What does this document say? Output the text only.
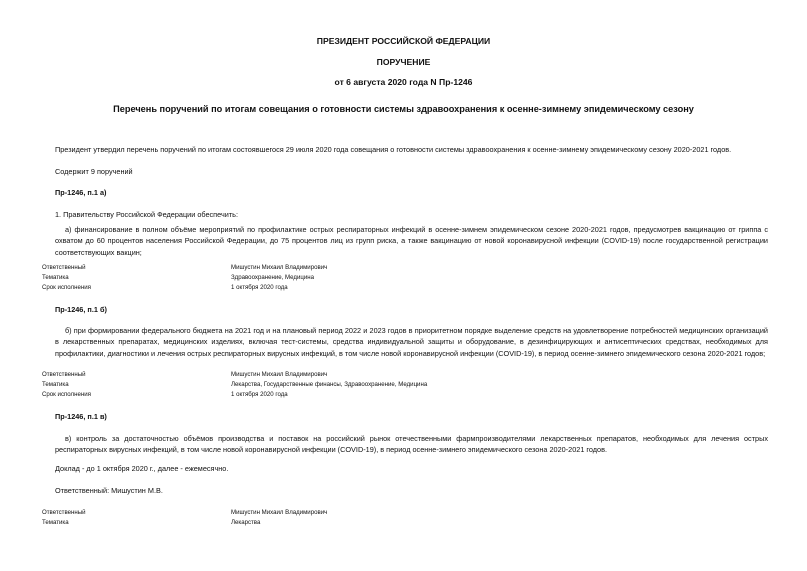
ПРЕЗИДЕНТ РОССИЙСКОЙ ФЕДЕРАЦИИ
ПОРУЧЕНИЕ
от 6 августа 2020 года N Пр-1246
Перечень поручений по итогам совещания о готовности системы здравоохранения к осенне-зимнему эпидемическому сезону
Президент утвердил перечень поручений по итогам состоявшегося 29 июля 2020 года совещания о готовности системы здравоохранения к осенне-зимнему эпидемическому сезону 2020-2021 годов.
Содержит 9 поручений
Пр-1246, п.1 а)
1. Правительству Российской Федерации обеспечить:
а) финансирование в полном объёме мероприятий по профилактике острых респираторных инфекций в осенне-зимнем эпидемическом сезоне 2020-2021 годов, предусмотрев вакцинацию от гриппа с охватом до 60 процентов населения Российской Федерации, до 75 процентов лиц из групп риска, а также вакцинацию от новой коронавирусной инфекции (COVID-19) после государственной регистрации соответствующих вакцин;
Ответственный	Мишустин Михаил Владимирович
Тематика	Здравоохранение, Медицина
Срок исполнения	1 октября 2020 года
Пр-1246, п.1 б)
б) при формировании федерального бюджета на 2021 год и на плановый период 2022 и 2023 годов в приоритетном порядке выделение средств на удовлетворение потребностей медицинских организаций в лекарственных препаратах, медицинских изделиях, включая тест-системы, средства индивидуальной защиты и оборудование, в дезинфицирующих и антисептических средствах, необходимых для профилактики, диагностики и лечения острых респираторных вирусных инфекций, в том числе новой коронавирусной инфекции (COVID-19), в период осенне-зимнего эпидемического сезона 2020-2021 годов;
Ответственный	Мишустин Михаил Владимирович
Тематика	Лекарства, Государственные финансы, Здравоохранение, Медицина
Срок исполнения	1 октября 2020 года
Пр-1246, п.1 в)
в) контроль за достаточностью объёмов производства и поставок на российский рынок отечественными фармпроизводителями лекарственных препаратов, необходимых для лечения острых респираторных вирусных инфекций, в том числе новой коронавирусной инфекции (COVID-19), в период осенне-зимнего эпидемического сезона 2020-2021 годов.
Доклад - до 1 октября 2020 г., далее - ежемесячно.
Ответственный: Мишустин М.В.
Ответственный	Мишустин Михаил Владимирович
Тематика	Лекарства
